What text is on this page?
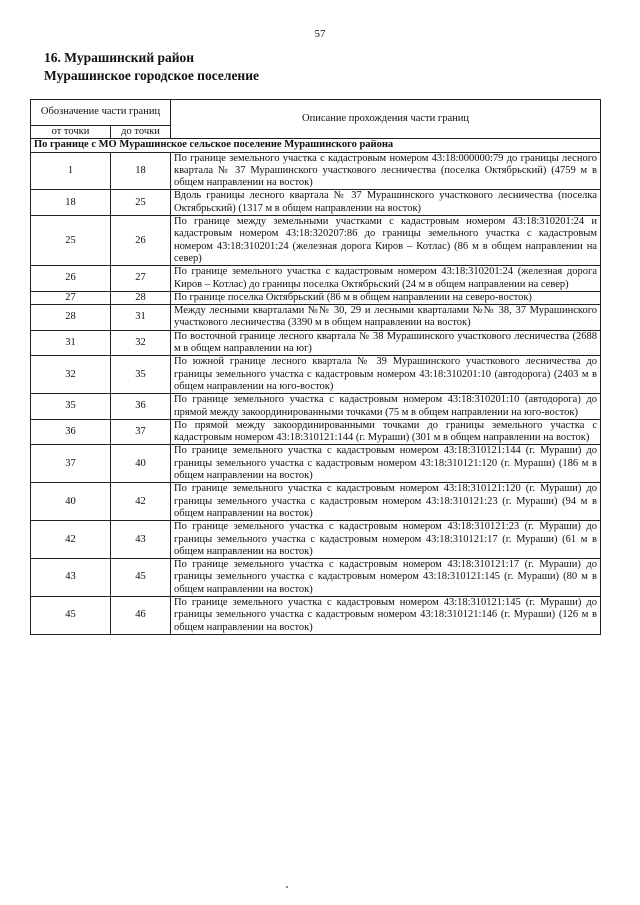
57
16. Мурашинский район
Мурашинское городское поселение
Обозначение части границ		Описание прохождения части границ
от точки	до точки	
По границе с МО Мурашинское сельское поселение Мурашинского района		
1	18	По границе земельного участка с кадастровым номером 43:18:000000:79 до границы лесного квартала № 37 Мурашинского участкового лесничества (поселка Октябрьский) (4759 м в общем направлении на восток)
18	25	Вдоль границы лесного квартала № 37 Мурашинского участкового лесничества (поселка Октябрьский) (1317 м в общем направлении на восток)
25	26	По границе между земельными участками с кадастровым номером 43:18:310201:24 и кадастровым номером 43:18:320207:86 до границы земельного участка с кадастровым номером 43:18:310201:24 (железная дорога Киров – Котлас) (86 м в общем направлении на север)
26	27	По границе земельного участка с кадастровым номером 43:18:310201:24 (железная дорога Киров – Котлас) до границы поселка Октябрьский (24 м в общем направлении на север)
27	28	По границе поселка Октябрьский (86 м в общем направлении на северо-восток)
28	31	Между лесными кварталами №№ 30, 29 и лесными кварталами №№ 38, 37 Мурашинского участкового лесничества (3390 м в общем направлении на восток)
31	32	По восточной границе лесного квартала № 38 Мурашинского участкового лесничества (2688 м в общем направлении на юг)
32	35	По южной границе лесного квартала № 39 Мурашинского участкового лесничества до границы земельного участка с кадастровым номером 43:18:310201:10 (автодорога) (2403 м в общем направлении на юго-восток)
35	36	По границе земельного участка с кадастровым номером 43:18:310201:10 (автодорога) до прямой между закоординированными точками (75 м в общем направлении на юго-восток)
36	37	По прямой между закоординированными точками до границы земельного участка с кадастровым номером 43:18:310121:144 (г. Мураши) (301 м в общем направлении на восток)
37	40	По границе земельного участка с кадастровым номером 43:18:310121:144 (г. Мураши) до границы земельного участка с кадастровым номером 43:18:310121:120 (г. Мураши) (186 м в общем направлении на восток)
40	42	По границе земельного участка с кадастровым номером 43:18:310121:120 (г. Мураши) до границы земельного участка с кадастровым номером 43:18:310121:23 (г. Мураши) (94 м в общем направлении на восток)
42	43	По границе земельного участка с кадастровым номером 43:18:310121:23 (г. Мураши) до границы земельного участка с кадастровым номером 43:18:310121:17 (г. Мураши) (61 м в общем направлении на восток)
43	45	По границе земельного участка с кадастровым номером 43:18:310121:17 (г. Мураши) до границы земельного участка с кадастровым номером 43:18:310121:145 (г. Мураши) (80 м в общем направлении на восток)
45	46	По границе земельного участка с кадастровым номером 43:18:310121:145 (г. Мураши) до границы земельного участка с кадастровым номером 43:18:310121:146 (г. Мураши) (126 м в общем направлении на восток)
